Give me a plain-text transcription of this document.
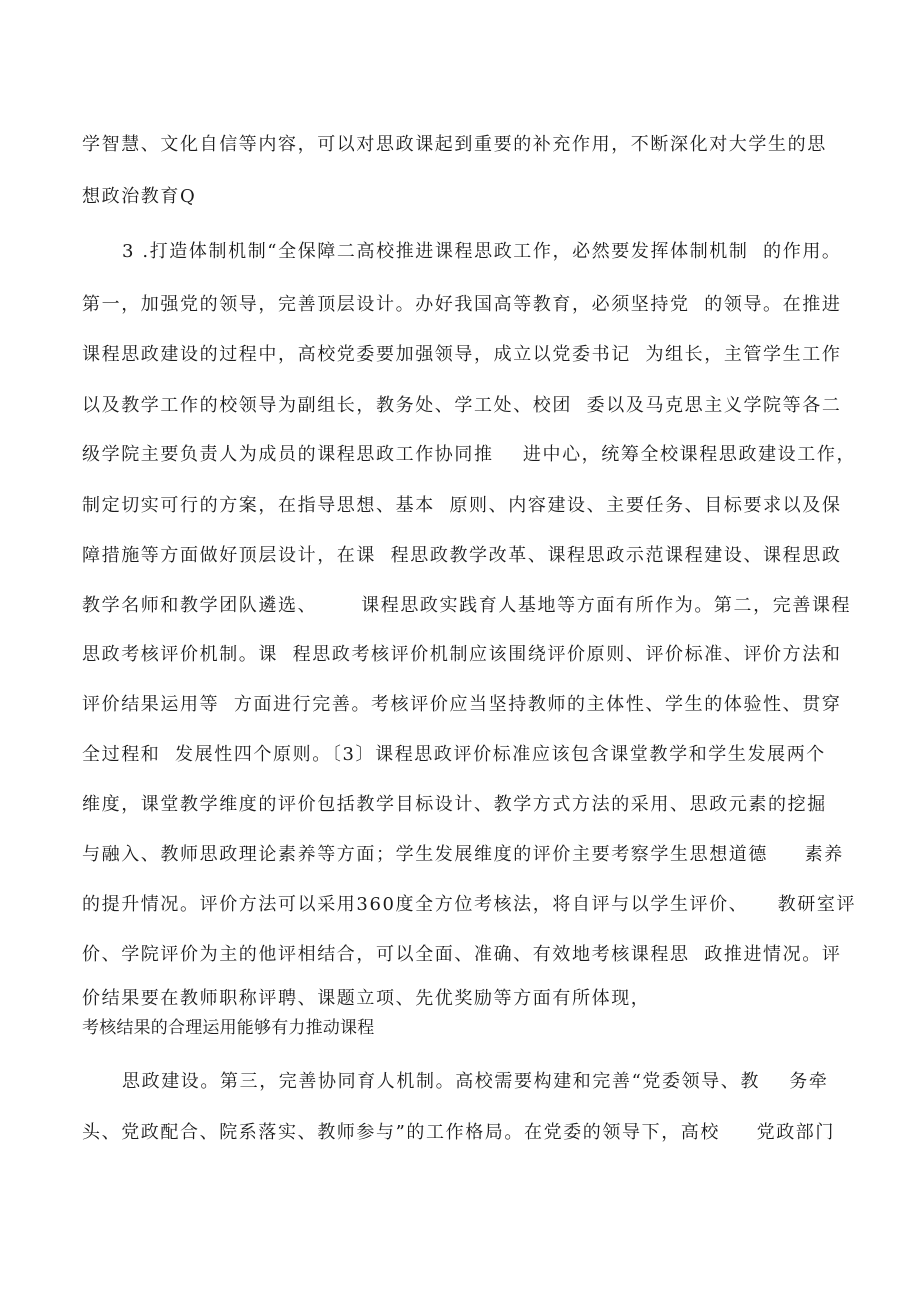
学智慧、文化自信等内容，可以对思政课起到重要的补充作用，不断深化对大学生的思
想政治教育Q
3 .打造体制机制“全保障二高校推进课程思政工作，必然要发挥体制机制  的作用。
第一，加强党的领导，完善顶层设计。办好我国高等教育，必须坚持党  的领导。在推进
课程思政建设的过程中，高校党委要加强领导，成立以党委书记  为组长，主管学生工作
以及教学工作的校领导为副组长，教务处、学工处、校团  委以及马克思主义学院等各二
级学院主要负责人为成员的课程思政工作协同推    进中心，统筹全校课程思政建设工作，
制定切实可行的方案，在指导思想、基本  原则、内容建设、主要任务、目标要求以及保
障措施等方面做好顶层设计，在课  程思政教学改革、课程思政示范课程建设、课程思政
教学名师和教学团队遴选、      课程思政实践育人基地等方面有所作为。第二，完善课程
思政考核评价机制。课  程思政考核评价机制应该围绕评价原则、评价标准、评价方法和
评价结果运用等  方面进行完善。考核评价应当坚持教师的主体性、学生的体验性、贯穿
全过程和  发展性四个原则。〔3〕课程思政评价标准应该包含课堂教学和学生发展两个
维度，课堂教学维度的评价包括教学目标设计、教学方式方法的采用、思政元素的挖掘
与融入、教师思政理论素养等方面；学生发展维度的评价主要考察学生思想道德     素养
的提升情况。评价方法可以采用360度全方位考核法，将自评与以学生评价、    教研室评
价、学院评价为主的他评相结合，可以全面、准确、有效地考核课程思  政推进情况。评
价结果要在教师职称评聘、课题立项、先优奖励等方面有所体现，
考核结果的合理运用能够有力推动课程
思政建设。第三，完善协同育人机制。高校需要构建和完善“党委领导、教    务牵
头、党政配合、院系落实、教师参与”的工作格局。在党委的领导下，高校     党政部门
